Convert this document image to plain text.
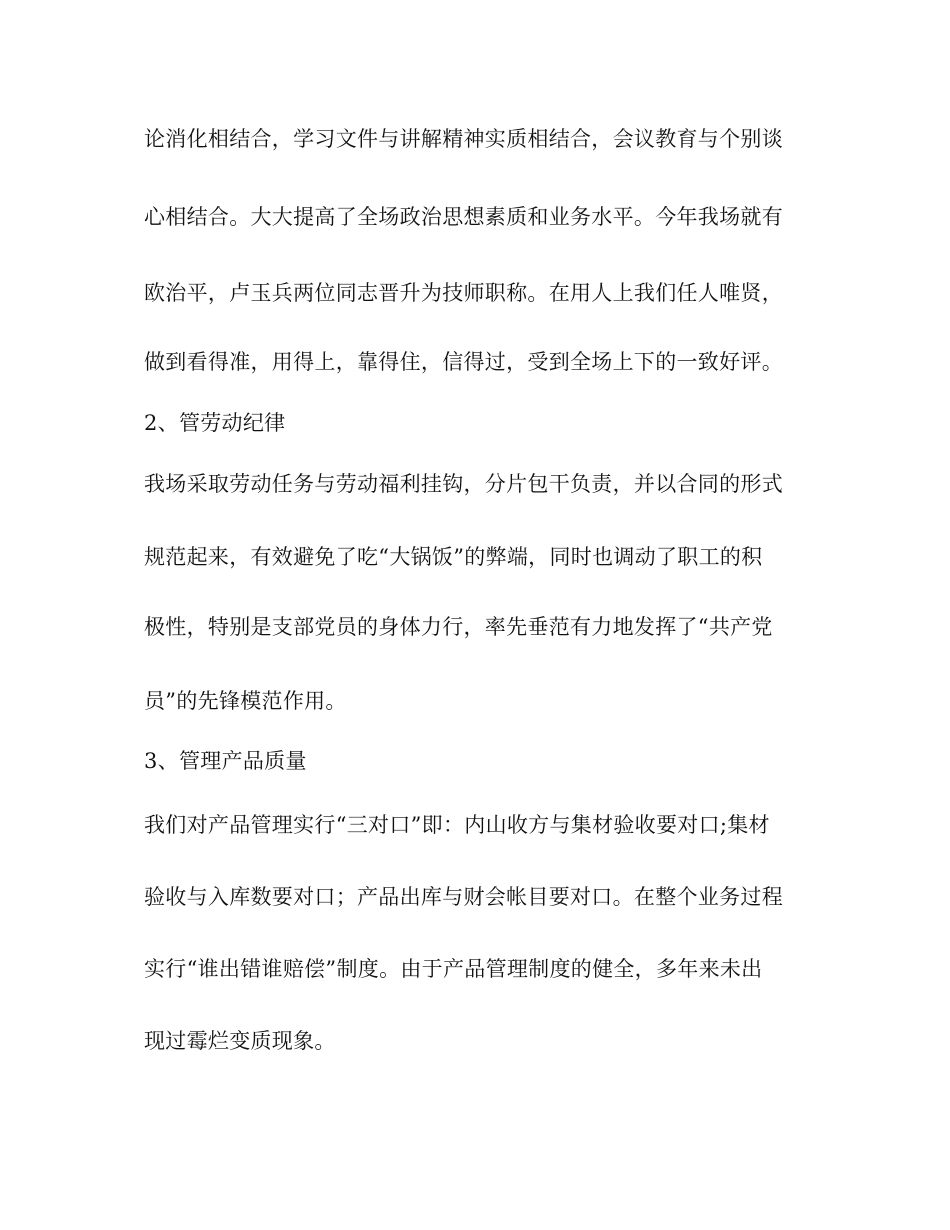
论消化相结合，学习文件与讲解精神实质相结合，会议教育与个别谈
心相结合。大大提高了全场政治思想素质和业务水平。今年我场就有
欧治平，卢玉兵两位同志晋升为技师职称。在用人上我们任人唯贤，
做到看得准，用得上，靠得住，信得过，受到全场上下的一致好评。
2、管劳动纪律
我场采取劳动任务与劳动福利挂钩，分片包干负责，并以合同的形式
规范起来，有效避免了吃“大锅饭”的弊端，同时也调动了职工的积
极性，特别是支部党员的身体力行，率先垂范有力地发挥了“共产党
员”的先锋模范作用。
3、管理产品质量
我们对产品管理实行“三对口”即：内山收方与集材验收要对口;集材
验收与入库数要对口；产品出库与财会帐目要对口。在整个业务过程
实行“谁出错谁赔偿”制度。由于产品管理制度的健全，多年来未出
现过霉烂变质现象。
